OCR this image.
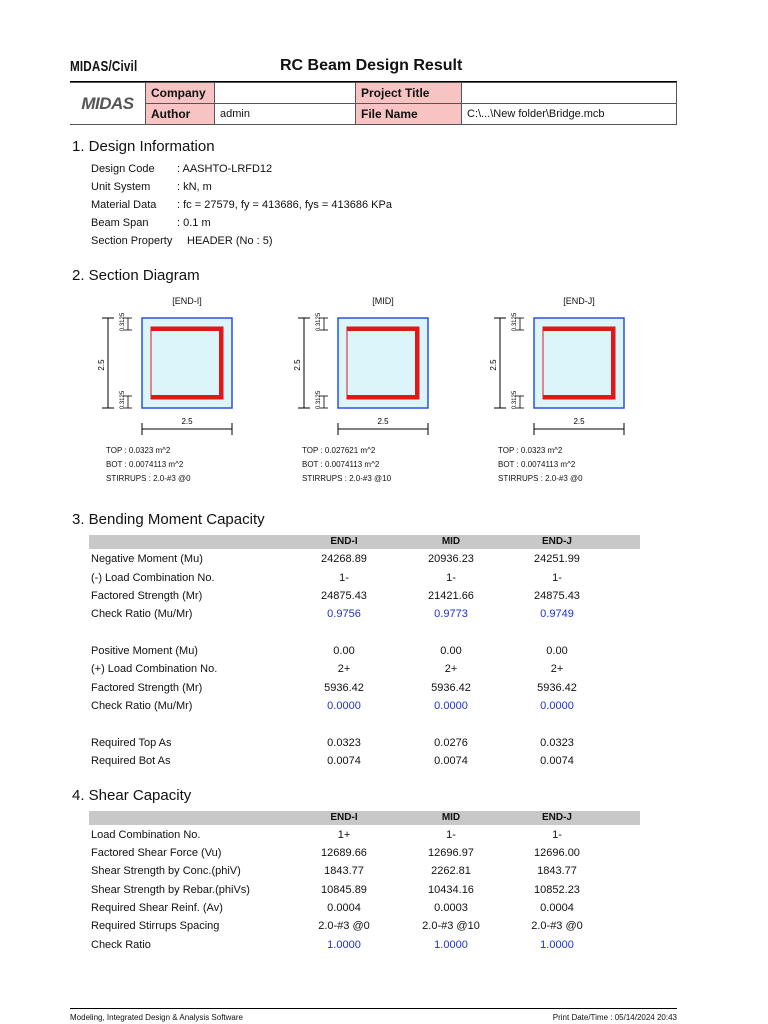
MIDAS/Civil	RC Beam Design Result
MIDAS	Company		Project Title	
	Author	admin	File Name	C:\...\New folder\Bridge.mcb
1. Design Information
Design Code : AASHTO-LRFD12
Unit System : kN, m
Material Data : fc = 27579, fy = 413686, fys = 413686 KPa
Beam Span	: 0.1 m
Section Property HEADER (No : 5)
2. Section Diagram
[END-I]
2.5
0.3125
0.3125
2.5
TOP : 0.0323 m^2
BOT : 0.0074113 m^2
STIRRUPS : 2.0-#3 @0
[MID]
2.5
0.3125
0.3125
2.5
TOP : 0.027621 m^2
BOT : 0.0074113 m^2
STIRRUPS : 2.0-#3 @10
[END-J]
2.5
0.3125
0.3125
2.5
TOP : 0.0323 m^2
BOT : 0.0074113 m^2
STIRRUPS : 2.0-#3 @0
3. Bending Moment Capacity
END-I	MID	END-J
Negative Moment (Mu)	24268.89	20936.23	24251.99
(-) Load Combination No.	1-	1-	1-
Factored Strength (Mr)	24875.43	21421.66	24875.43
Check Ratio (Mu/Mr)	0.9756	0.9773	0.9749
Positive Moment (Mu)	0.00	0.00	0.00
(+) Load Combination No.	2+	2+	2+
Factored Strength (Mr)	5936.42	5936.42	5936.42
Check Ratio (Mu/Mr)	0.0000	0.0000	0.0000
Required Top As	0.0323	0.0276	0.0323
Required Bot As	0.0074	0.0074	0.0074
4. Shear Capacity
END-I	MID	END-J
Load Combination No.	1+	1-	1-
Factored Shear Force (Vu)	12689.66	12696.97	12696.00
Shear Strength by Conc.(phiV)	1843.77	2262.81	1843.77
Shear Strength by Rebar.(phiVs)	10845.89	10434.16	10852.23
Required Shear Reinf. (Av)	0.0004	0.0003	0.0004
Required Stirrups Spacing	2.0-#3 @0	2.0-#3 @10	2.0-#3 @0
Check Ratio	1.0000	1.0000	1.0000
Modeling, Integrated Design & Analysis Software	Print Date/Time : 05/14/2024 20:43
